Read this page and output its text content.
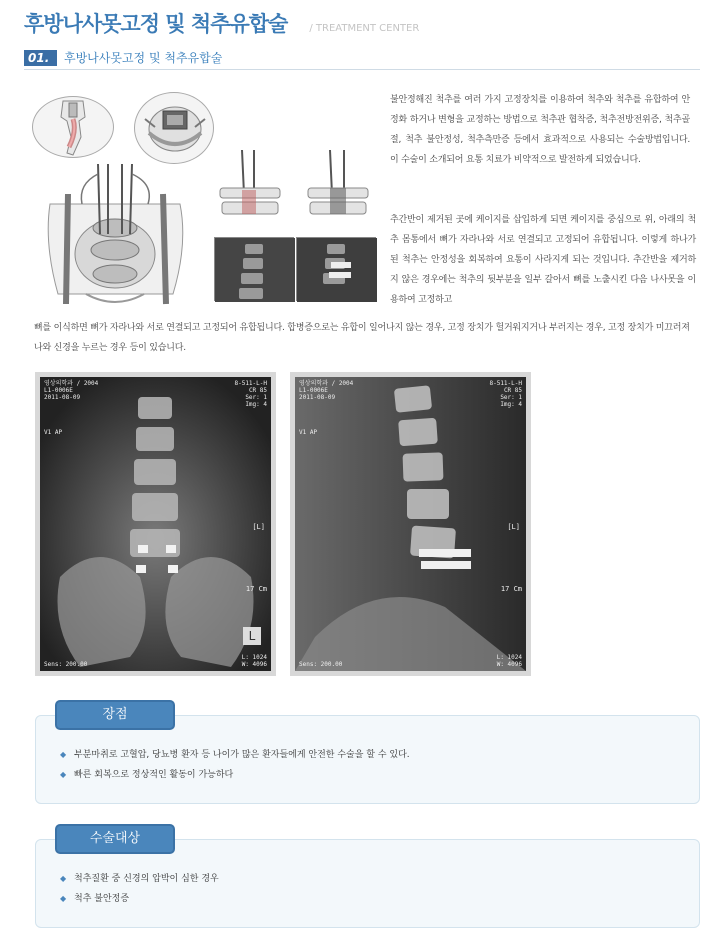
후방나사못고정 및 척추유합술 / TREATMENT CENTER
01.	후방나사못고정 및 척추유합술

불안정해진 척추를 여러 가지 고정장치를 이용하여 척추와 척추를 유합하여 안정화 하거나 변형을 교정하는 방법으로 척추관 협착증, 척추전방전위증, 척추골절, 척추 불안정성, 척추측만증 등에서 효과적으로 사용되는 수술방법입니다. 이 수술이 소개되어 요통 치료가 비약적으로 발전하게 되었습니다.

추간반이 제거된 곳에 케이지를 삽입하게 되면 케이지를 중심으로 위, 아래의 척추 몸통에서 뼈가 자라나와 서로 연결되고 고정되어 유합됩니다. 이렇게 하나가된 척추는 안정성을 회복하여 요통이 사라지게 되는 것입니다. 추간반을 제거하지 않은 경우에는 척추의 뒷부분을 일부 갈아서 뼈를 노출시킨 다음 나사못을 이용하여 고정하고

뼈를 이식하면 뼈가 자라나와 서로 연결되고 고정되어 유합됩니다. 합병증으로는 유합이 일어나지 않는 경우, 고정 장치가 헐거워지거나 부러지는 경우, 고정 장치가 미끄러져 나와 신경을 누르는 경우 등이 있습니다.

영상의학과 / 2004
L1-0006E
2011-08-09
8-511-L-H
CR 85
Ser: 1
Img: 4
V1 AP
[L]
17 Cm
L
Sens: 200.00
L: 1024
W: 4096
영상의학과 / 2004
L1-0006E
2011-08-09
8-511-L-H
CR 85
Ser: 1
Img: 4
V1 AP
[L]
17 Cm
Sens: 200.00
L: 1024
W: 4096
장점
◆ 부분마취로 고혈압, 당뇨병 환자 등 나이가 많은 환자들에게 안전한 수술을 할 수 있다.
◆ 빠른 회복으로 정상적인 활동이 가능하다
수술대상
◆ 척추질환 중 신경의 압박이 심한 경우
◆ 척추 불안정증
